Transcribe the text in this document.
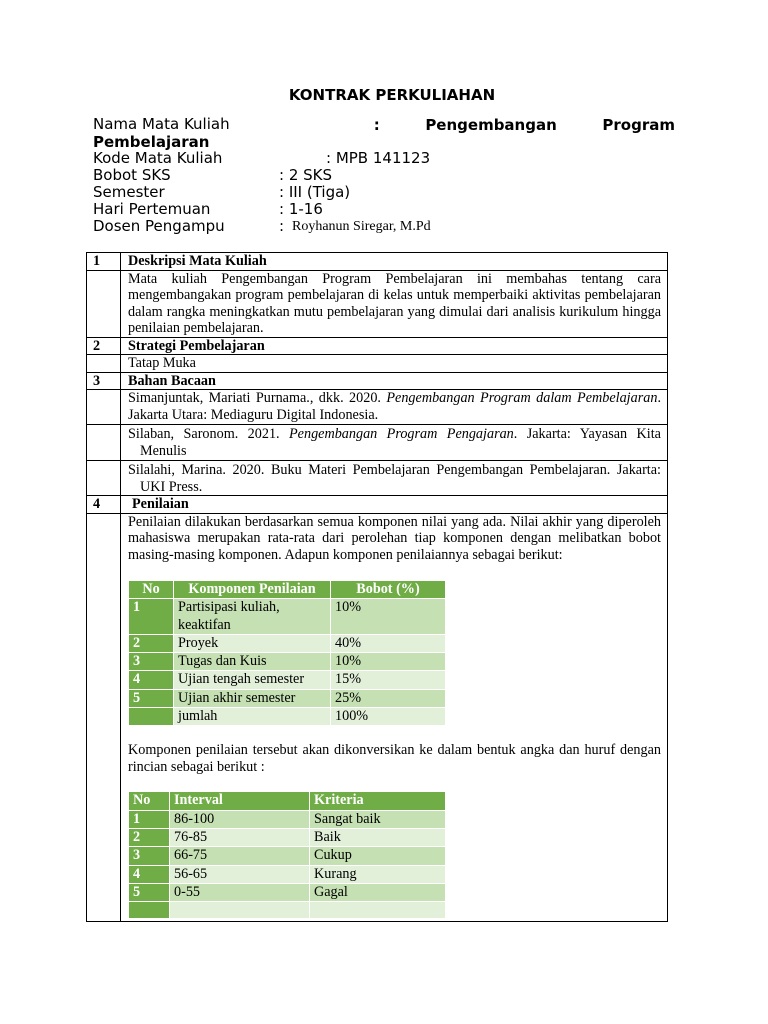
KONTRAK PERKULIAHAN
Nama Mata Kuliah	:	Pengembangan	Program
Pembelajaran
Kode Mata Kuliah	: MPB 141123
Bobot SKS	: 2 SKS
Semester	: III (Tiga)
Hari Pertemuan	: 1-16
Dosen Pengampu	: Royhanun Siregar, M.Pd
1	Deskripsi Mata Kuliah
	Mata kuliah Pengembangan Program Pembelajaran ini membahas tentang cara mengembangakan program pembelajaran di kelas untuk memperbaiki aktivitas pembelajaran dalam rangka meningkatkan mutu pembelajaran yang dimulai dari analisis kurikulum hingga penilaian pembelajaran.
2	Strategi Pembelajaran
	Tatap Muka
3	Bahan Bacaan
	Simanjuntak, Mariati Purnama., dkk. 2020. Pengembangan Program dalam Pembelajaran. Jakarta Utara: Mediaguru Digital Indonesia.
	Silaban, Saronom. 2021. Pengembangan Program Pengajaran. Jakarta: Yayasan Kita Menulis
	Silalahi, Marina. 2020. Buku Materi Pembelajaran Pengembangan Pembelajaran. Jakarta: UKI Press.
4	Penilaian

Penilaian dilakukan berdasarkan semua komponen nilai yang ada. Nilai akhir yang diperoleh mahasiswa merupakan rata-rata dari perolehan tiap komponen dengan melibatkan bobot masing-masing komponen. Adapun komponen penilaiannya sebagai berikut:
No	Komponen Penilaian	Bobot (%)
1	Partisipasi kuliah, keaktifan	10%
2	Proyek	40%
3	Tugas dan Kuis	10%
4	Ujian tengah semester	15%
5	Ujian akhir semester	25%
	jumlah	100%
Komponen penilaian tersebut akan dikonversikan ke dalam bentuk angka dan huruf dengan rincian sebagai berikut :
No	Interval	Kriteria
1	86-100	Sangat baik
2	76-85	Baik
3	66-75	Cukup
4	56-65	Kurang
5	0-55	Gagal
